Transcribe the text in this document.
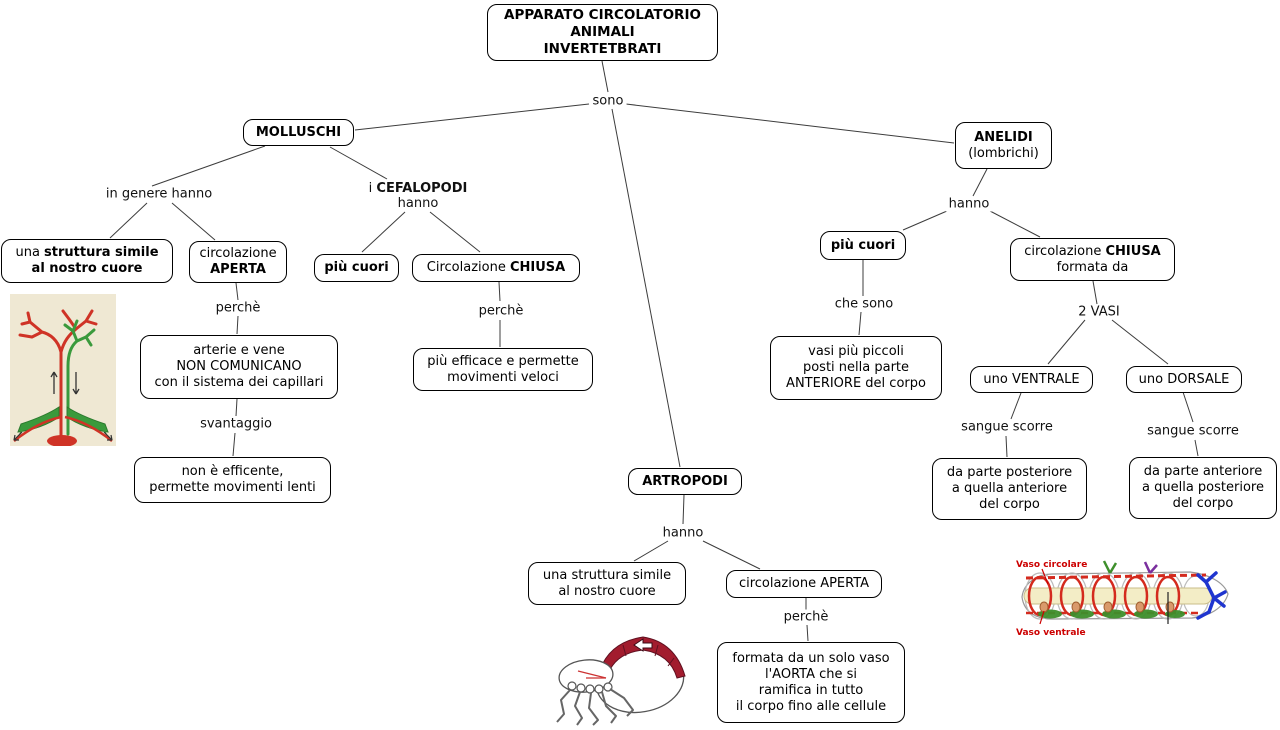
APPARATO CIRCOLATORIO
ANIMALI
INVERTETBRATI
MOLLUSCHI	ANELIDI
(lombrichi)
ARTROPODI
una struttura simile
al nostro cuore
circolazione
APERTA	più cuori	Circolazione CHIUSA
arterie e vene
NON COMUNICANO
con il sistema dei capillari
non è efficente,
permette movimenti lenti
più efficace e permette
movimenti veloci
più cuori	circolazione CHIUSA
formata da
vasi più piccoli
posti nella parte
ANTERIORE del corpo	uno VENTRALE	uno DORSALE
da parte posteriore
a quella anteriore
del corpo
da parte anteriore
a quella posteriore
del corpo
una struttura simile
al nostro cuore	circolazione APERTA
formata da un solo vaso
l'AORTA che si
ramifica in tutto
il corpo fino alle cellule
sono
in genere hanno	i CEFALOPODI
hanno
perchè
svantaggio
perchè
hanno
che sono
2 VASI
sangue scorre	sangue scorre
hanno
perchè
Vaso circolare
Vaso ventrale
